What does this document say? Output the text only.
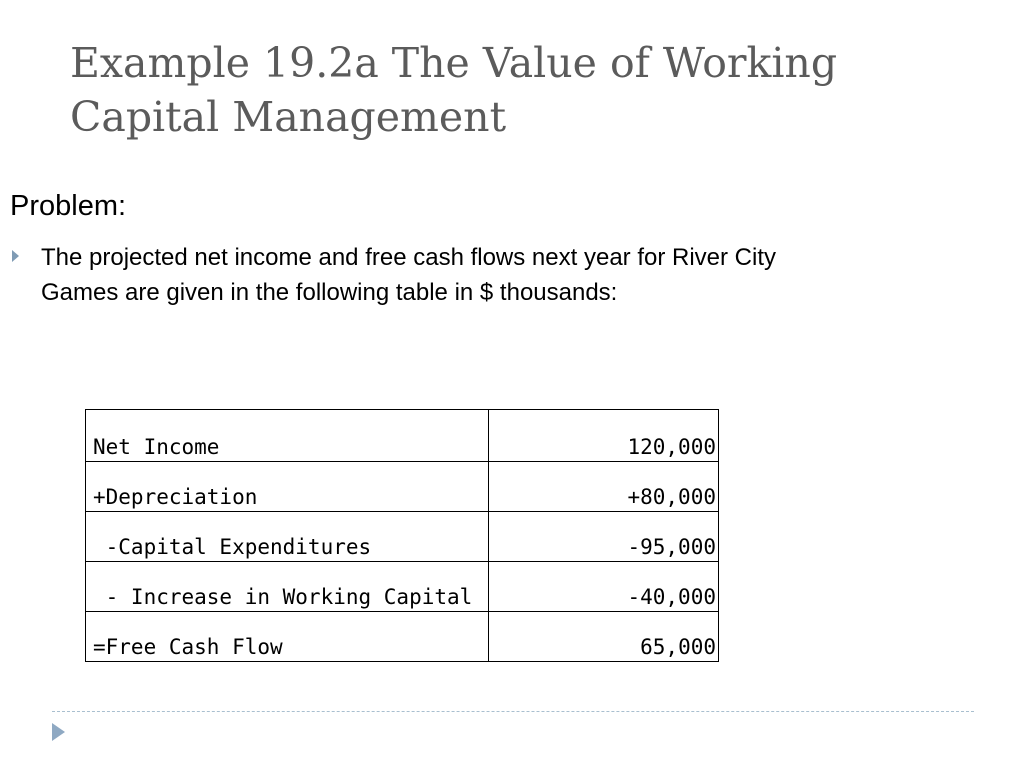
Example 19.2a The Value of Working
Capital Management
Problem:

The projected net income and free cash flows next year for River City
Games are given in the following table in $ thousands:

Net Income	120,000
+Depreciation	+80,000
-Capital Expenditures	-95,000
- Increase in Working Capital	-40,000
=Free Cash Flow	65,000
